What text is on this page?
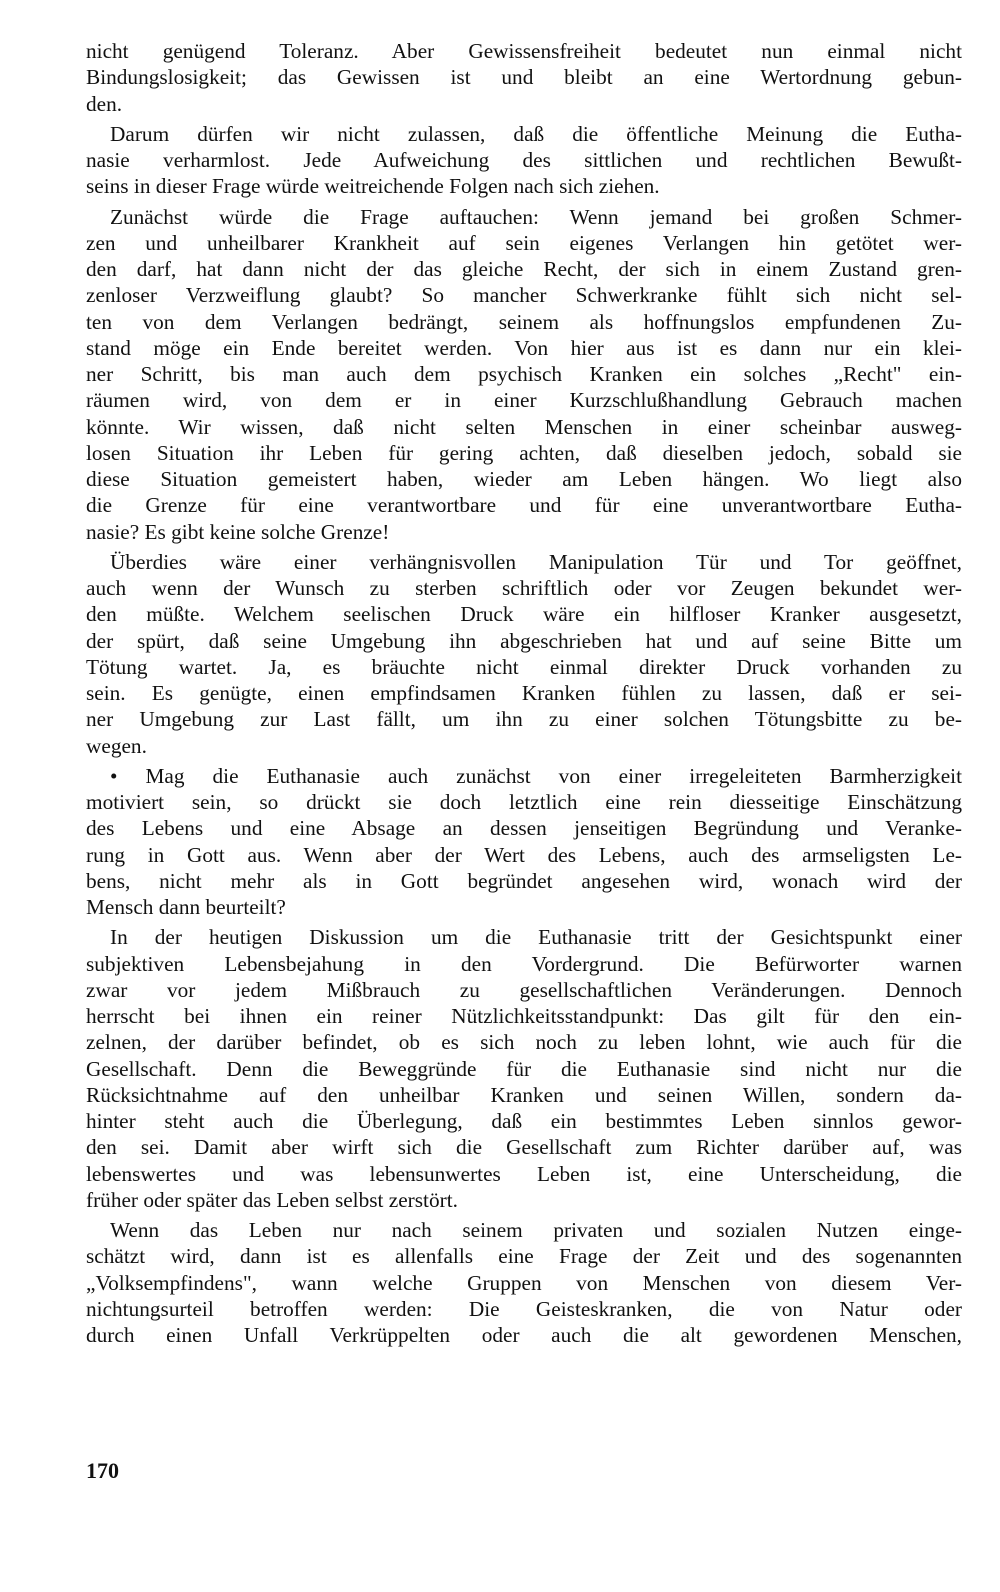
nicht genügend Toleranz. Aber Gewissensfreiheit bedeutet nun einmal nicht
Bindungslosigkeit; das Gewissen ist und bleibt an eine Wertordnung gebun-
den.
Darum dürfen wir nicht zulassen, daß die öffentliche Meinung die Eutha-
nasie verharmlost. Jede Aufweichung des sittlichen und rechtlichen Bewußt-
seins in dieser Frage würde weitreichende Folgen nach sich ziehen.
Zunächst würde die Frage auftauchen: Wenn jemand bei großen Schmer-
zen und unheilbarer Krankheit auf sein eigenes Verlangen hin getötet wer-
den darf, hat dann nicht der das gleiche Recht, der sich in einem Zustand gren-
zenloser Verzweiflung glaubt? So mancher Schwerkranke fühlt sich nicht sel-
ten von dem Verlangen bedrängt, seinem als hoffnungslos empfundenen Zu-
stand möge ein Ende bereitet werden. Von hier aus ist es dann nur ein klei-
ner Schritt, bis man auch dem psychisch Kranken ein solches „Recht" ein-
räumen wird, von dem er in einer Kurzschlußhandlung Gebrauch machen
könnte. Wir wissen, daß nicht selten Menschen in einer scheinbar ausweg-
losen Situation ihr Leben für gering achten, daß dieselben jedoch, sobald sie
diese Situation gemeistert haben, wieder am Leben hängen. Wo liegt also
die Grenze für eine verantwortbare und für eine unverantwortbare Eutha-
nasie? Es gibt keine solche Grenze!
Überdies wäre einer verhängnisvollen Manipulation Tür und Tor geöffnet,
auch wenn der Wunsch zu sterben schriftlich oder vor Zeugen bekundet wer-
den müßte. Welchem seelischen Druck wäre ein hilfloser Kranker ausgesetzt,
der spürt, daß seine Umgebung ihn abgeschrieben hat und auf seine Bitte um
Tötung wartet. Ja, es bräuchte nicht einmal direkter Druck vorhanden zu
sein. Es genügte, einen empfindsamen Kranken fühlen zu lassen, daß er sei-
ner Umgebung zur Last fällt, um ihn zu einer solchen Tötungsbitte zu be-
wegen.
• Mag die Euthanasie auch zunächst von einer irregeleiteten Barmherzigkeit
motiviert sein, so drückt sie doch letztlich eine rein diesseitige Einschätzung
des Lebens und eine Absage an dessen jenseitigen Begründung und Veranke-
rung in Gott aus. Wenn aber der Wert des Lebens, auch des armseligsten Le-
bens, nicht mehr als in Gott begründet angesehen wird, wonach wird der
Mensch dann beurteilt?
In der heutigen Diskussion um die Euthanasie tritt der Gesichtspunkt einer
subjektiven Lebensbejahung in den Vordergrund. Die Befürworter warnen
zwar vor jedem Mißbrauch zu gesellschaftlichen Veränderungen. Dennoch
herrscht bei ihnen ein reiner Nützlichkeitsstandpunkt: Das gilt für den ein-
zelnen, der darüber befindet, ob es sich noch zu leben lohnt, wie auch für die
Gesellschaft. Denn die Beweggründe für die Euthanasie sind nicht nur die
Rücksichtnahme auf den unheilbar Kranken und seinen Willen, sondern da-
hinter steht auch die Überlegung, daß ein bestimmtes Leben sinnlos gewor-
den sei. Damit aber wirft sich die Gesellschaft zum Richter darüber auf, was
lebenswertes und was lebensunwertes Leben ist, eine Unterscheidung, die
früher oder später das Leben selbst zerstört.
Wenn das Leben nur nach seinem privaten und sozialen Nutzen einge-
schätzt wird, dann ist es allenfalls eine Frage der Zeit und des sogenannten
„Volksempfindens", wann welche Gruppen von Menschen von diesem Ver-
nichtungsurteil betroffen werden: Die Geisteskranken, die von Natur oder
durch einen Unfall Verkrüppelten oder auch die alt gewordenen Menschen,
170
